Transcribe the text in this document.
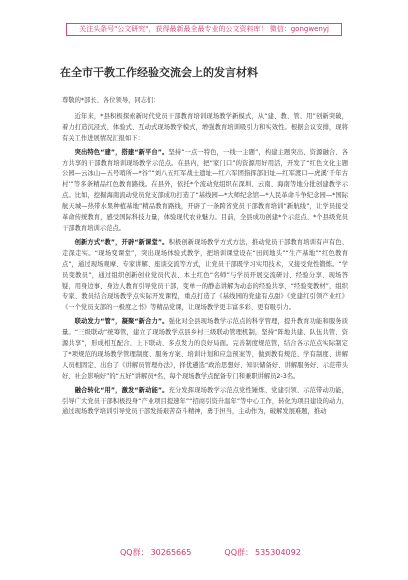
关注头条号"公文研究"，获得最新最全最专业的公文资料库！ 微信：gongwenyj
在全市干教工作经验交流会上的发言材料

尊敬的*部长、各位领导，同志们：

近年来，*县积极探索新时代党员干部教育培训现场教学新模式，从“建、教、管、用”创新突破，着力打造沉浸式、体验式、互动式现场教学模式，增强教育培训吸引力和实效性。根据会议安排，现将有关工作进展情况汇报如下：

突出特色“建”，搭建“新平台”。坚持“一点一特色，一线一主题”，构建主题突出、资源融合、各方共享的干部教育培训现场教学示范点。在县内，把“家门口”的资源用好用活，开发了“红色文化主题公园—云冰山—五号哨所—*谷”“刘八五红军战士遗址—红六军团指挥部旧址—红军渡口—虎溪‘千年古村’”等多条精品红色教育路线。在县外，依托*个流动党组织在深圳、云南、海南等地分批创建教学示点。比如，挖掘海南流动党员党支部成功打造了“基线园—*大师纪念馆—*人民革命斗争纪念园—*国际航天城—热带水果种植基地”精品教育路线，开辟了一条跨省党员干部教育培训“新航线”，让学员接受革命传统教育，感受国际科技力量，体验现代农业魅力。目前，全县成功创建*个示范点、*个县级党员干部教育培训示范点。

创新方式“教”，开辟“新课堂”。积极创新现场教学方式方法，推动党员干部教育培训有声有色、走深走实。“现场变课堂”，突出现场体验式教学，把培训课堂设在“田间地头”“生产基地”“红色教育点”，通过现场观摩、专家讲解、座谈交流等方式，让党员干部既学习实用技术，又接受党性锻炼。“学员变教员”，通过组织创新创业党员代表、本土红色“名师”与学员开展交流研讨、经验分享、现场答疑，用身边事、身边人教育引导党员干部，变单一的静态讲解为动态的经验共享、“经验变教材”，组织专家、教员结合现场教学点实际开发课程，重点打造了《基线园的党建有点甜》《党建红引领产业红》《一个党员支部的一极度之书》等精品党课，让现场教学更丰富多彩、更有吸引力。

联动发力“管”，凝聚“新合力”。强化对全县现场教学示范点的科学管理，提升教育功能和服务质量。“三级联动”统筹管，建立了现场教学点县乡村三级联动管理机制，坚持“阵地共建、队伍共管、资源共享”，形成相互配合、上下联动、多点发力的良好局面。完善制度规范管，结合各示范点实际制定了*项规范的现场教学管理制度、服务方案、培训计划和应急预案等，做到教有规范、学有制度、讲解人员相固定、出台了《讲解员管理办法》，择优遴选“政治思想好、知识储备好、讲解服务好、示范带头好、社会影响好”的“五好”讲解员*名，每个现场教学点配备专门和兼职讲解员2-3名。

融合转化“用”，激发“新动能”。充分发挥现场教学示范点党性锤炼、党建引领、示范带动功能，引导广大党员干部积极投身“产业项目提速年”“招商引资升温年”等中心工作，转化为项目建设的动力，通过现场教学培训引导党员干部发扬艰苦奋斗精神，勇于担当，主动作为，破解发展难题，推动

QQ群： 30265665	QQ群： 535304092
